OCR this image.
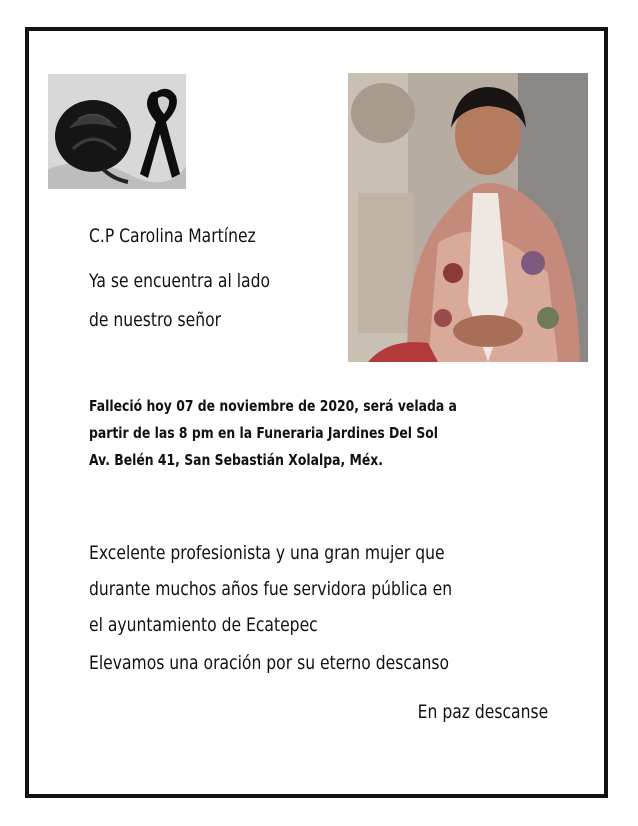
C.P Carolina Martínez
Ya se encuentra al lado
de nuestro señor
Falleció hoy 07 de noviembre de 2020, será velada a
partir de las 8 pm en la Funeraria Jardines Del Sol
Av. Belén 41, San Sebastián Xolalpa, Méx.
Excelente profesionista y una gran mujer que
durante muchos años fue servidora pública en
el ayuntamiento de Ecatepec
Elevamos una oración por su eterno descanso
En paz descanse
